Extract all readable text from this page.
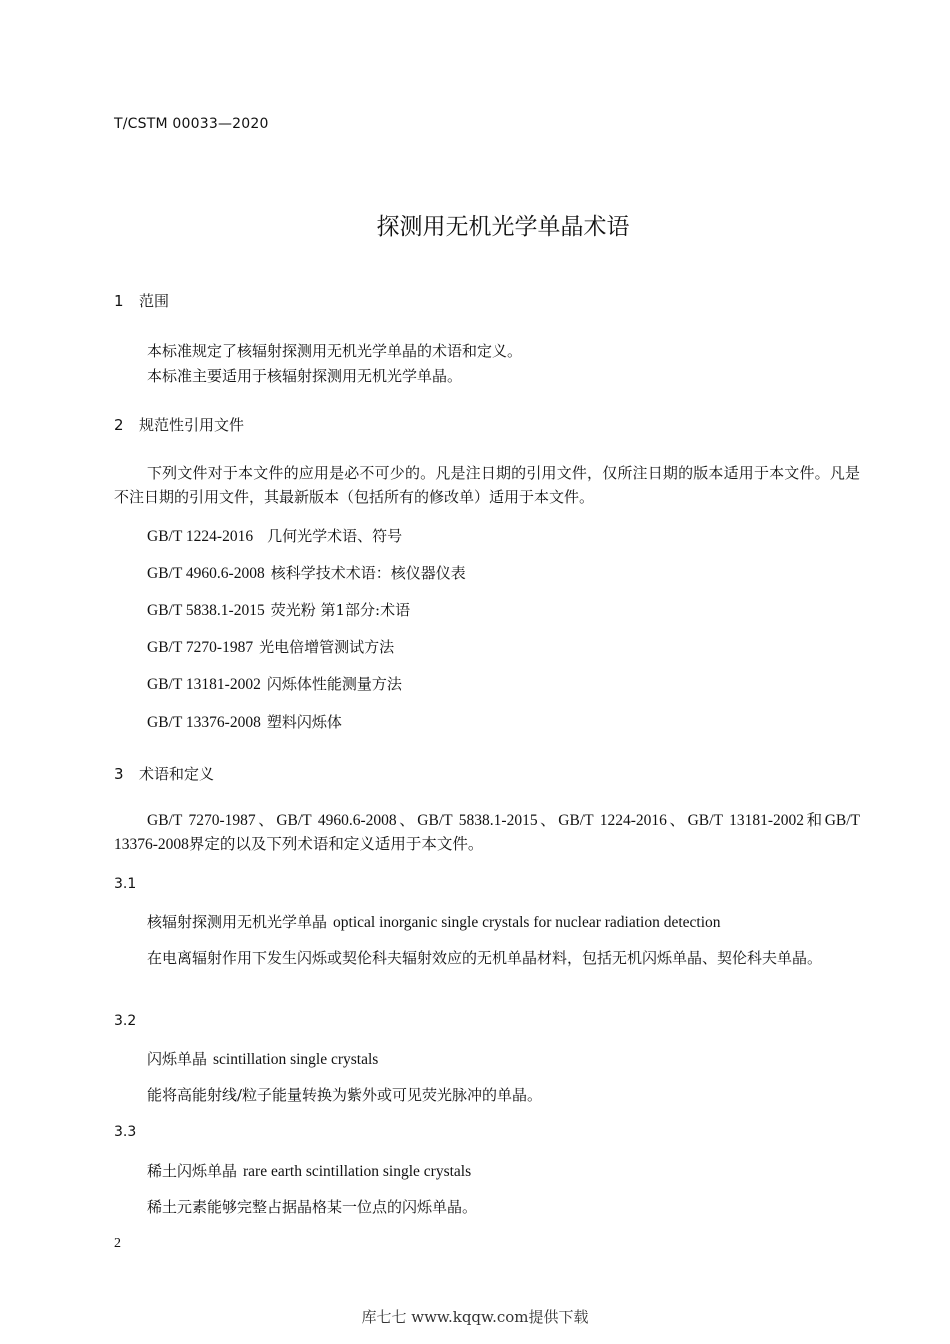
T/CSTM 00033—2020
探测用无机光学单晶术语
1 范围
本标准规定了核辐射探测用无机光学单晶的术语和定义。
本标准主要适用于核辐射探测用无机光学单晶。
2 规范性引用文件
下列文件对于本文件的应用是必不可少的。凡是注日期的引用文件，仅所注日期的版本适用于本文件。凡是不注日期的引用文件，其最新版本（包括所有的修改单）适用于本文件。
GB/T 1224-2016 几何光学术语、符号
GB/T 4960.6-2008 核科学技术术语：核仪器仪表
GB/T 5838.1-2015 荧光粉 第1部分:术语
GB/T 7270-1987 光电倍增管测试方法
GB/T 13181-2002 闪烁体性能测量方法
GB/T 13376-2008 塑料闪烁体
3 术语和定义
GB/T 7270-1987、GB/T 4960.6-2008、GB/T 5838.1-2015、GB/T 1224-2016、GB/T 13181-2002和GB/T 13376-2008界定的以及下列术语和定义适用于本文件。
3.1
核辐射探测用无机光学单晶 optical inorganic single crystals for nuclear radiation detection
在电离辐射作用下发生闪烁或契伦科夫辐射效应的无机单晶材料，包括无机闪烁单晶、契伦科夫单晶。
3.2
闪烁单晶 scintillation single crystals
能将高能射线/粒子能量转换为紫外或可见荧光脉冲的单晶。
3.3
稀土闪烁单晶 rare earth scintillation single crystals
稀土元素能够完整占据晶格某一位点的闪烁单晶。
2
库七七 www.kqqw.com提供下载
